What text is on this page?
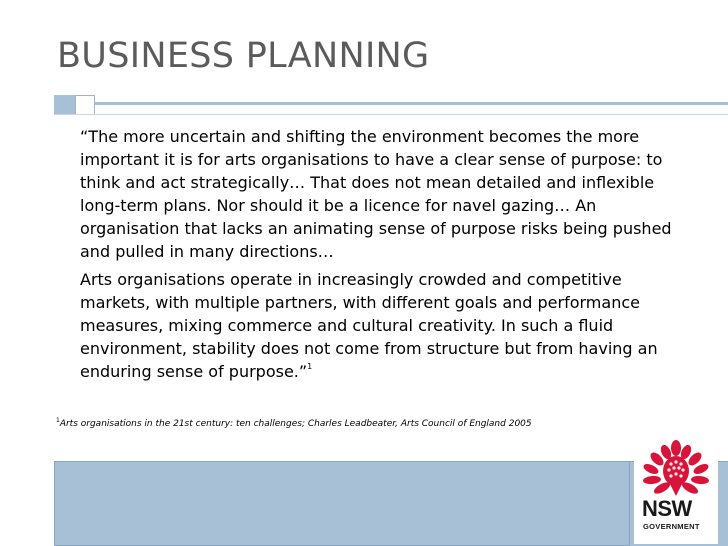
BUSINESS PLANNING

“The more uncertain and shifting the environment becomes the more important it is for arts organisations to have a clear sense of purpose: to think and act strategically… That does not mean detailed and inflexible long-term plans. Nor should it be a licence for navel gazing… An organisation that lacks an animating sense of purpose risks being pushed and pulled in many directions…

Arts organisations operate in increasingly crowded and competitive markets, with multiple partners, with different goals and performance measures, mixing commerce and cultural creativity. In such a fluid environment, stability does not come from structure but from having an enduring sense of purpose.”$^1$

$^1$Arts organisations in the 21st century: ten challenges; Charles Leadbeater, Arts Council of England 2005
NSW
GOVERNMENT
